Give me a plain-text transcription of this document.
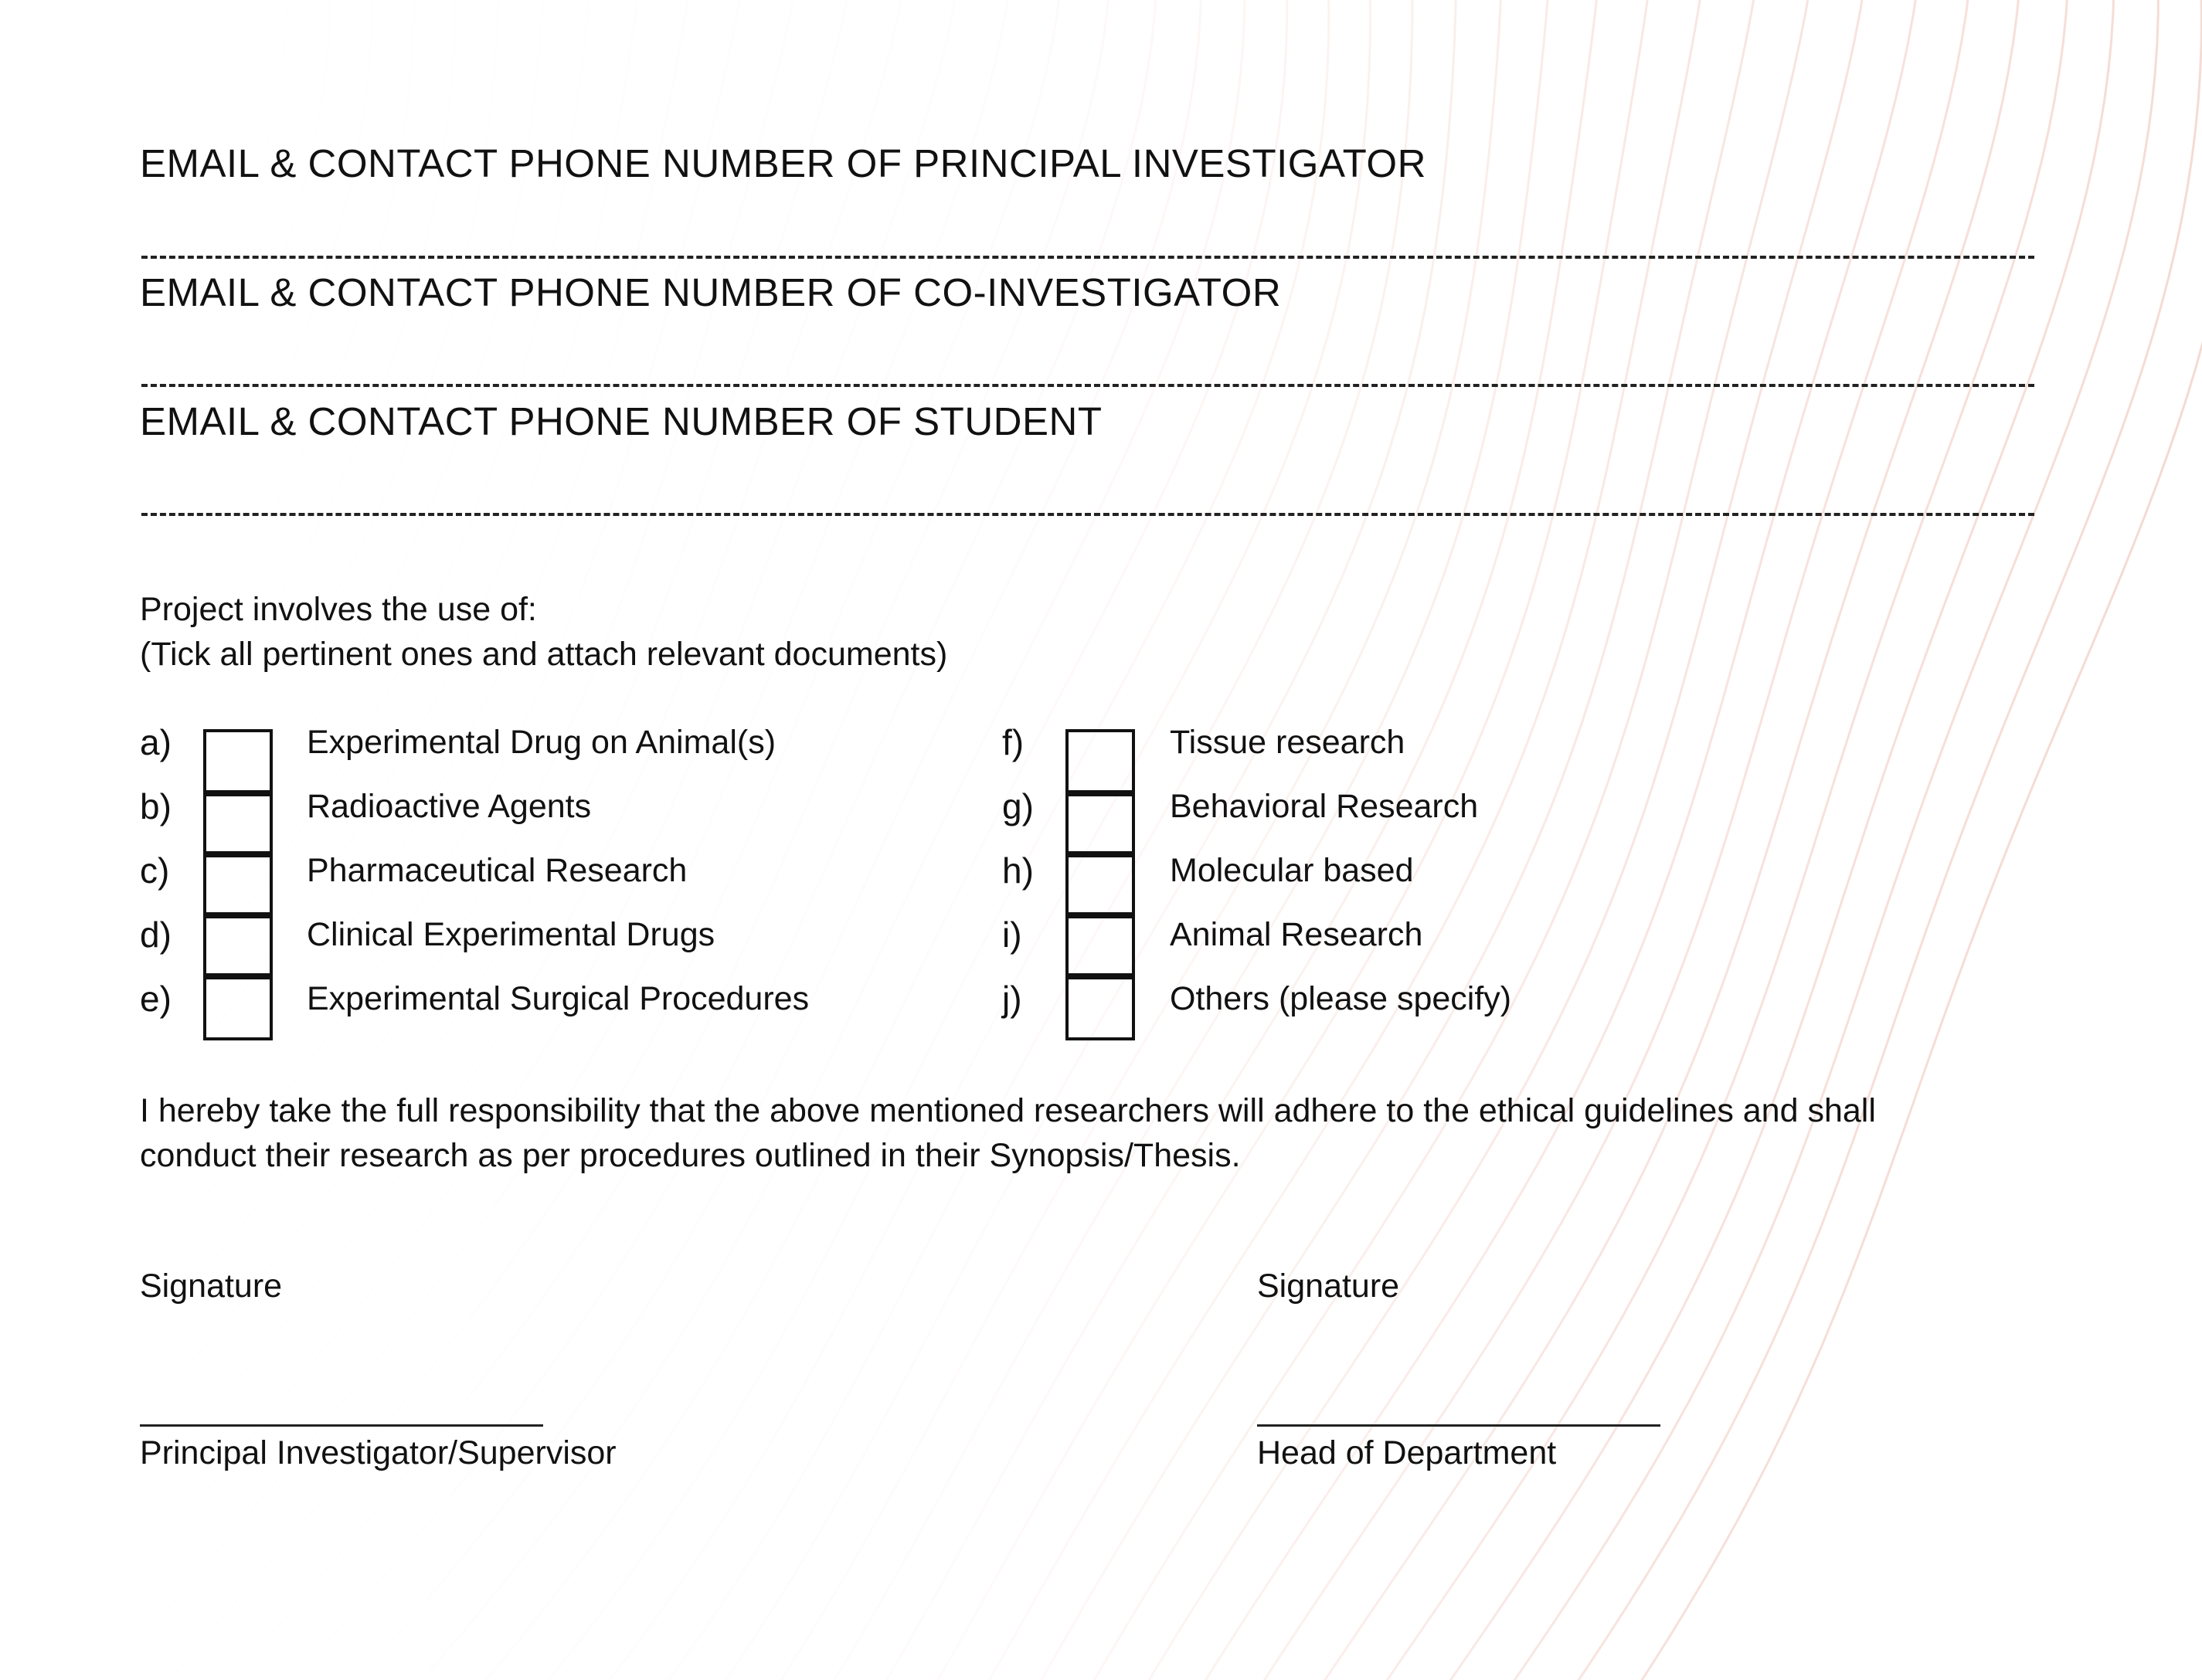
EMAIL & CONTACT PHONE NUMBER OF PRINCIPAL INVESTIGATOR
EMAIL & CONTACT PHONE NUMBER OF CO-INVESTIGATOR
EMAIL & CONTACT PHONE NUMBER OF STUDENT
Project involves the use of:
(Tick all pertinent ones and attach relevant documents)
a)	Experimental Drug on Animal(s)
b)	Radioactive Agents
c)	Pharmaceutical Research
d)	Clinical Experimental Drugs
e)	Experimental Surgical Procedures
f)	Tissue research
g)	Behavioral Research
h)	Molecular based
i)	Animal Research
j)	Others (please specify)
I hereby take the full responsibility that the above mentioned researchers will adhere to the ethical guidelines and shall
conduct their research as per procedures outlined in their Synopsis/Thesis.
Signature
Principal Investigator/Supervisor
Signature
Head of Department
